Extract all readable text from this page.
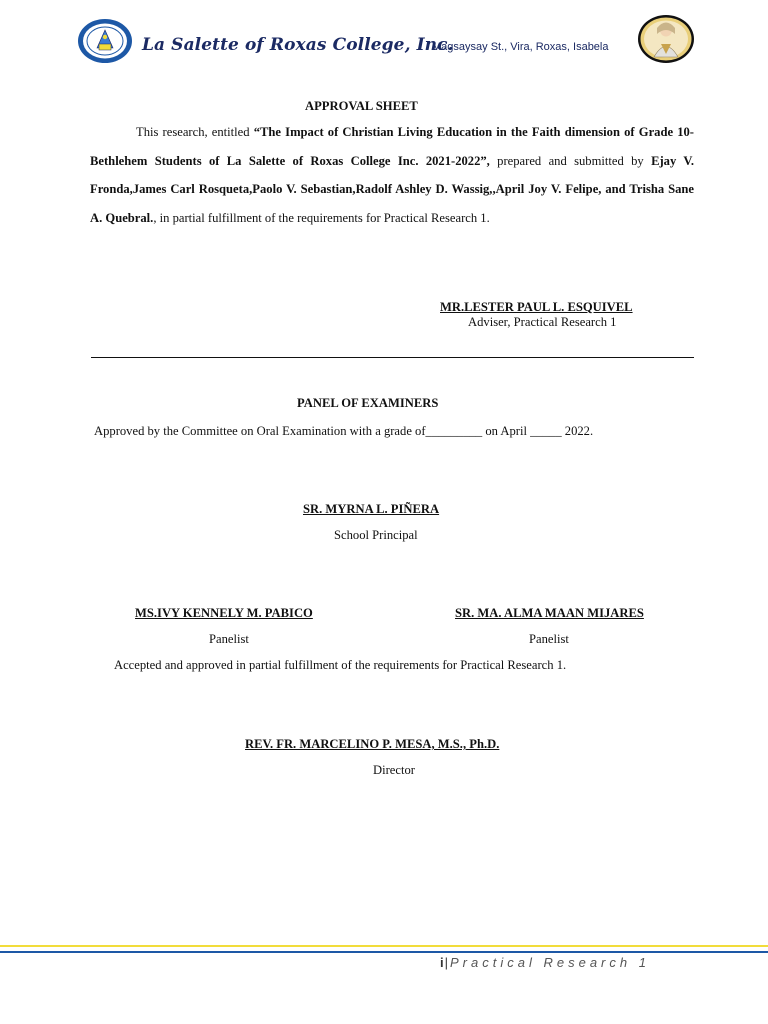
La Salette of Roxas College, Inc.
Magsaysay St., Vira, Roxas, Isabela
APPROVAL SHEET
This research, entitled “The Impact of Christian Living Education in the Faith dimension of Grade 10-Bethlehem Students of La Salette of Roxas College Inc. 2021-2022”, prepared and submitted by Ejay V. Fronda,James Carl Rosqueta,Paolo V. Sebastian,Radolf Ashley D. Wassig,,April Joy V. Felipe, and Trisha Sane A. Quebral., in partial fulfillment of the requirements for Practical Research 1.
MR.LESTER PAUL L. ESQUIVEL
Adviser, Practical Research 1
PANEL OF EXAMINERS
Approved by the Committee on Oral Examination with a grade of_________ on April _____ 2022.
SR. MYRNA L. PIÑERA
School Principal
MS.IVY KENNELY M. PABICO
Panelist
SR. MA. ALMA MAAN MIJARES
Panelist
Accepted and approved in partial fulfillment of the requirements for Practical Research 1.
REV. FR. MARCELINO P. MESA, M.S., Ph.D.
Director
i|Practical Research 1
